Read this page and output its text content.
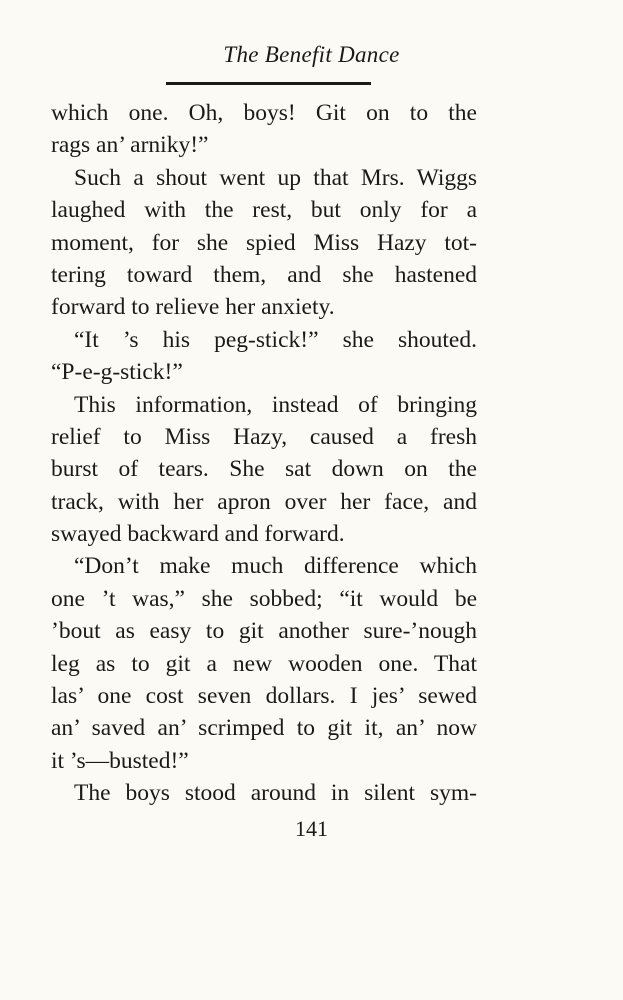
The Benefit Dance
which one. Oh, boys! Git on to the
rags an’ arniky!”
Such a shout went up that Mrs. Wiggs
laughed with the rest, but only for a
moment, for she spied Miss Hazy tot-
tering toward them, and she hastened
forward to relieve her anxiety.
“It ’s his peg-stick!” she shouted.
“P-e-g-stick!”
This information, instead of bringing
relief to Miss Hazy, caused a fresh
burst of tears. She sat down on the
track, with her apron over her face, and
swayed backward and forward.
“Don’t make much difference which
one ’t was,” she sobbed; “it would be
’bout as easy to git another sure-’nough
leg as to git a new wooden one. That
las’ one cost seven dollars. I jes’ sewed
an’ saved an’ scrimped to git it, an’ now
it ’s—busted!”
The boys stood around in silent sym-
141
